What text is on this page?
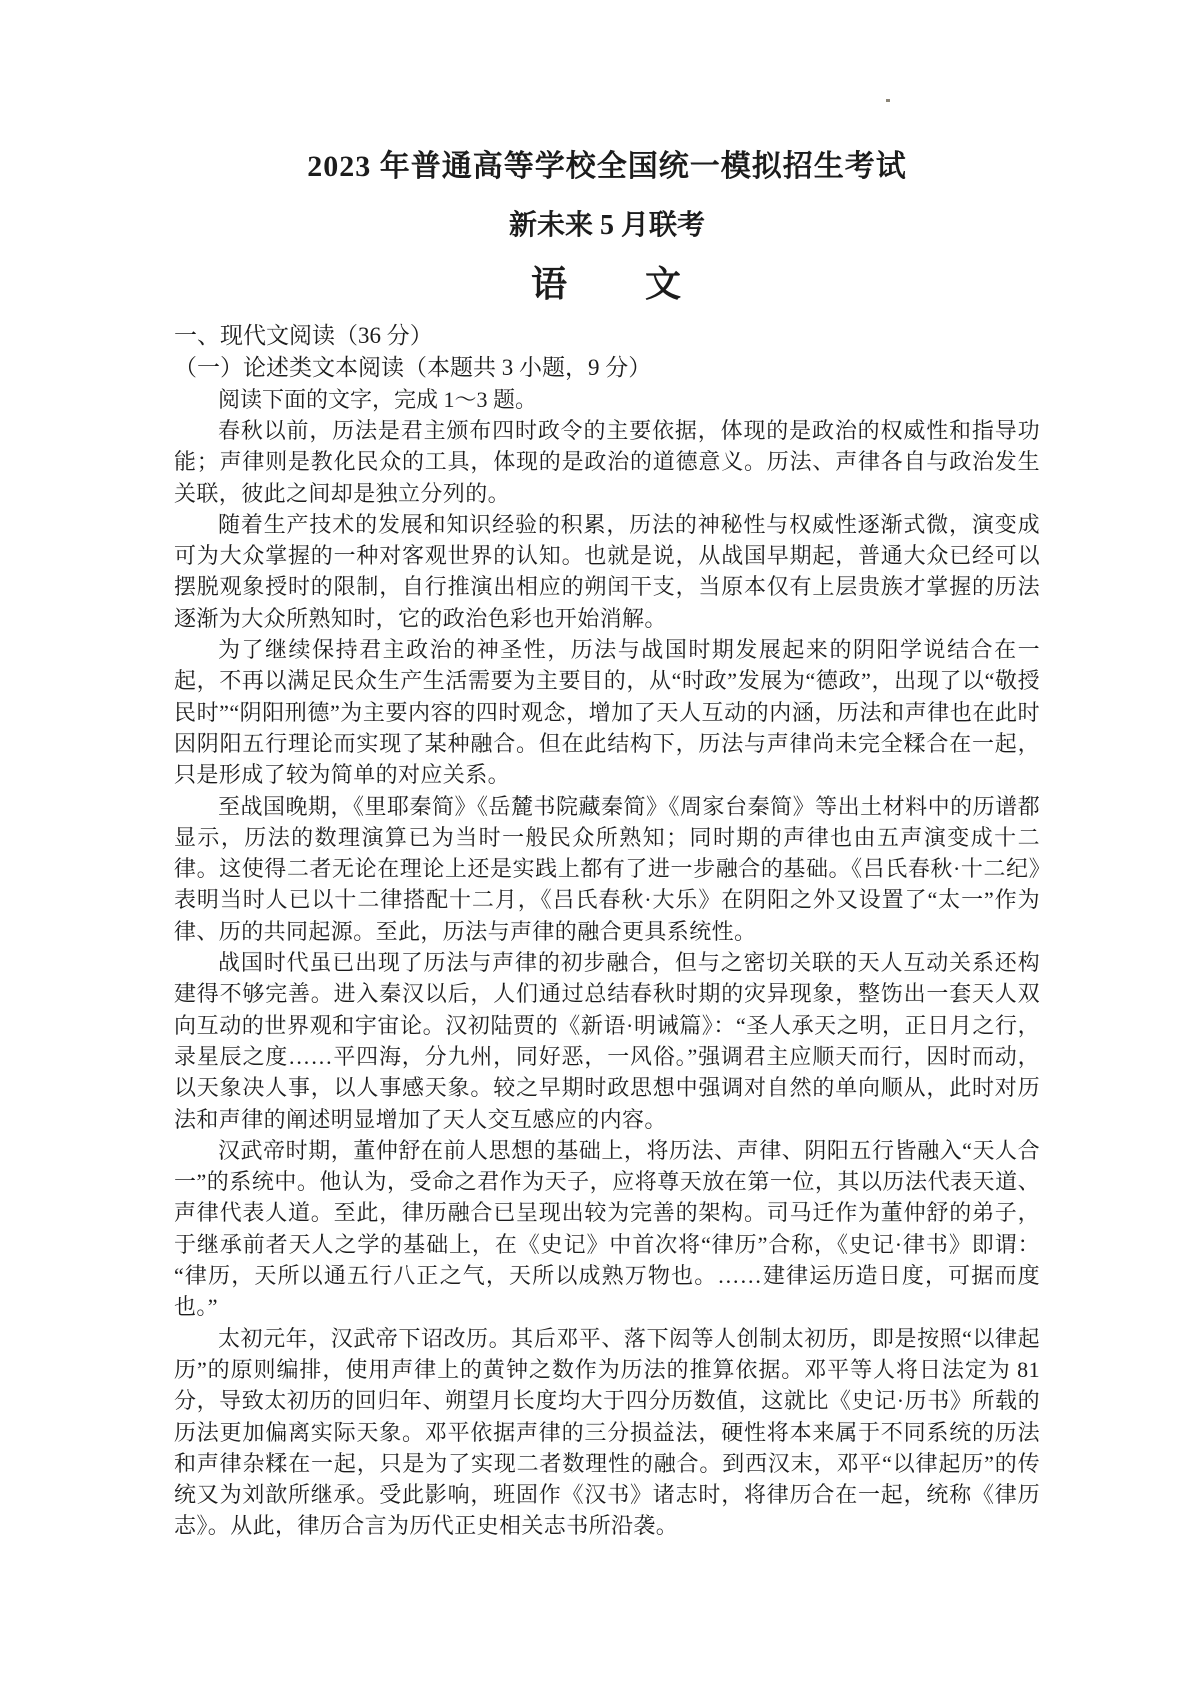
2023 年普通高等学校全国统一模拟招生考试
新未来 5 月联考
语　　文
一、现代文阅读（36 分）
（一）论述类文本阅读（本题共 3 小题，9 分）
阅读下面的文字，完成 1～3 题。

春秋以前，历法是君主颁布四时政令的主要依据，体现的是政治的权威性和指导功能；声律则是教化民众的工具，体现的是政治的道德意义。历法、声律各自与政治发生关联，彼此之间却是独立分列的。

随着生产技术的发展和知识经验的积累，历法的神秘性与权威性逐渐式微，演变成可为大众掌握的一种对客观世界的认知。也就是说，从战国早期起，普通大众已经可以摆脱观象授时的限制，自行推演出相应的朔闰干支，当原本仅有上层贵族才掌握的历法逐渐为大众所熟知时，它的政治色彩也开始消解。

为了继续保持君主政治的神圣性，历法与战国时期发展起来的阴阳学说结合在一起，不再以满足民众生产生活需要为主要目的，从“时政”发展为“德政”，出现了以“敬授民时”“阴阳刑德”为主要内容的四时观念，增加了天人互动的内涵，历法和声律也在此时因阴阳五行理论而实现了某种融合。但在此结构下，历法与声律尚未完全糅合在一起，只是形成了较为简单的对应关系。

至战国晚期，《里耶秦简》《岳麓书院藏秦简》《周家台秦简》等出土材料中的历谱都显示，历法的数理演算已为当时一般民众所熟知；同时期的声律也由五声演变成十二律。这使得二者无论在理论上还是实践上都有了进一步融合的基础。《吕氏春秋·十二纪》表明当时人已以十二律搭配十二月，《吕氏春秋·大乐》在阴阳之外又设置了“太一”作为律、历的共同起源。至此，历法与声律的融合更具系统性。

战国时代虽已出现了历法与声律的初步融合，但与之密切关联的天人互动关系还构建得不够完善。进入秦汉以后，人们通过总结春秋时期的灾异现象，整饬出一套天人双向互动的世界观和宇宙论。汉初陆贾的《新语·明诫篇》：“圣人承天之明，正日月之行，录星辰之度……平四海，分九州，同好恶，一风俗。”强调君主应顺天而行，因时而动，以天象决人事，以人事感天象。较之早期时政思想中强调对自然的单向顺从，此时对历法和声律的阐述明显增加了天人交互感应的内容。

汉武帝时期，董仲舒在前人思想的基础上，将历法、声律、阴阳五行皆融入“天人合一”的系统中。他认为，受命之君作为天子，应将尊天放在第一位，其以历法代表天道、声律代表人道。至此，律历融合已呈现出较为完善的架构。司马迁作为董仲舒的弟子，于继承前者天人之学的基础上，在《史记》中首次将“律历”合称，《史记·律书》即谓：“律历，天所以通五行八正之气，天所以成熟万物也。……建律运历造日度，可据而度也。”

太初元年，汉武帝下诏改历。其后邓平、落下闳等人创制太初历，即是按照“以律起历”的原则编排，使用声律上的黄钟之数作为历法的推算依据。邓平等人将日法定为 81 分，导致太初历的回归年、朔望月长度均大于四分历数值，这就比《史记·历书》所载的历法更加偏离实际天象。邓平依据声律的三分损益法，硬性将本来属于不同系统的历法和声律杂糅在一起，只是为了实现二者数理性的融合。到西汉末，邓平“以律起历”的传统又为刘歆所继承。受此影响，班固作《汉书》诸志时，将律历合在一起，统称《律历志》。从此，律历合言为历代正史相关志书所沿袭。
